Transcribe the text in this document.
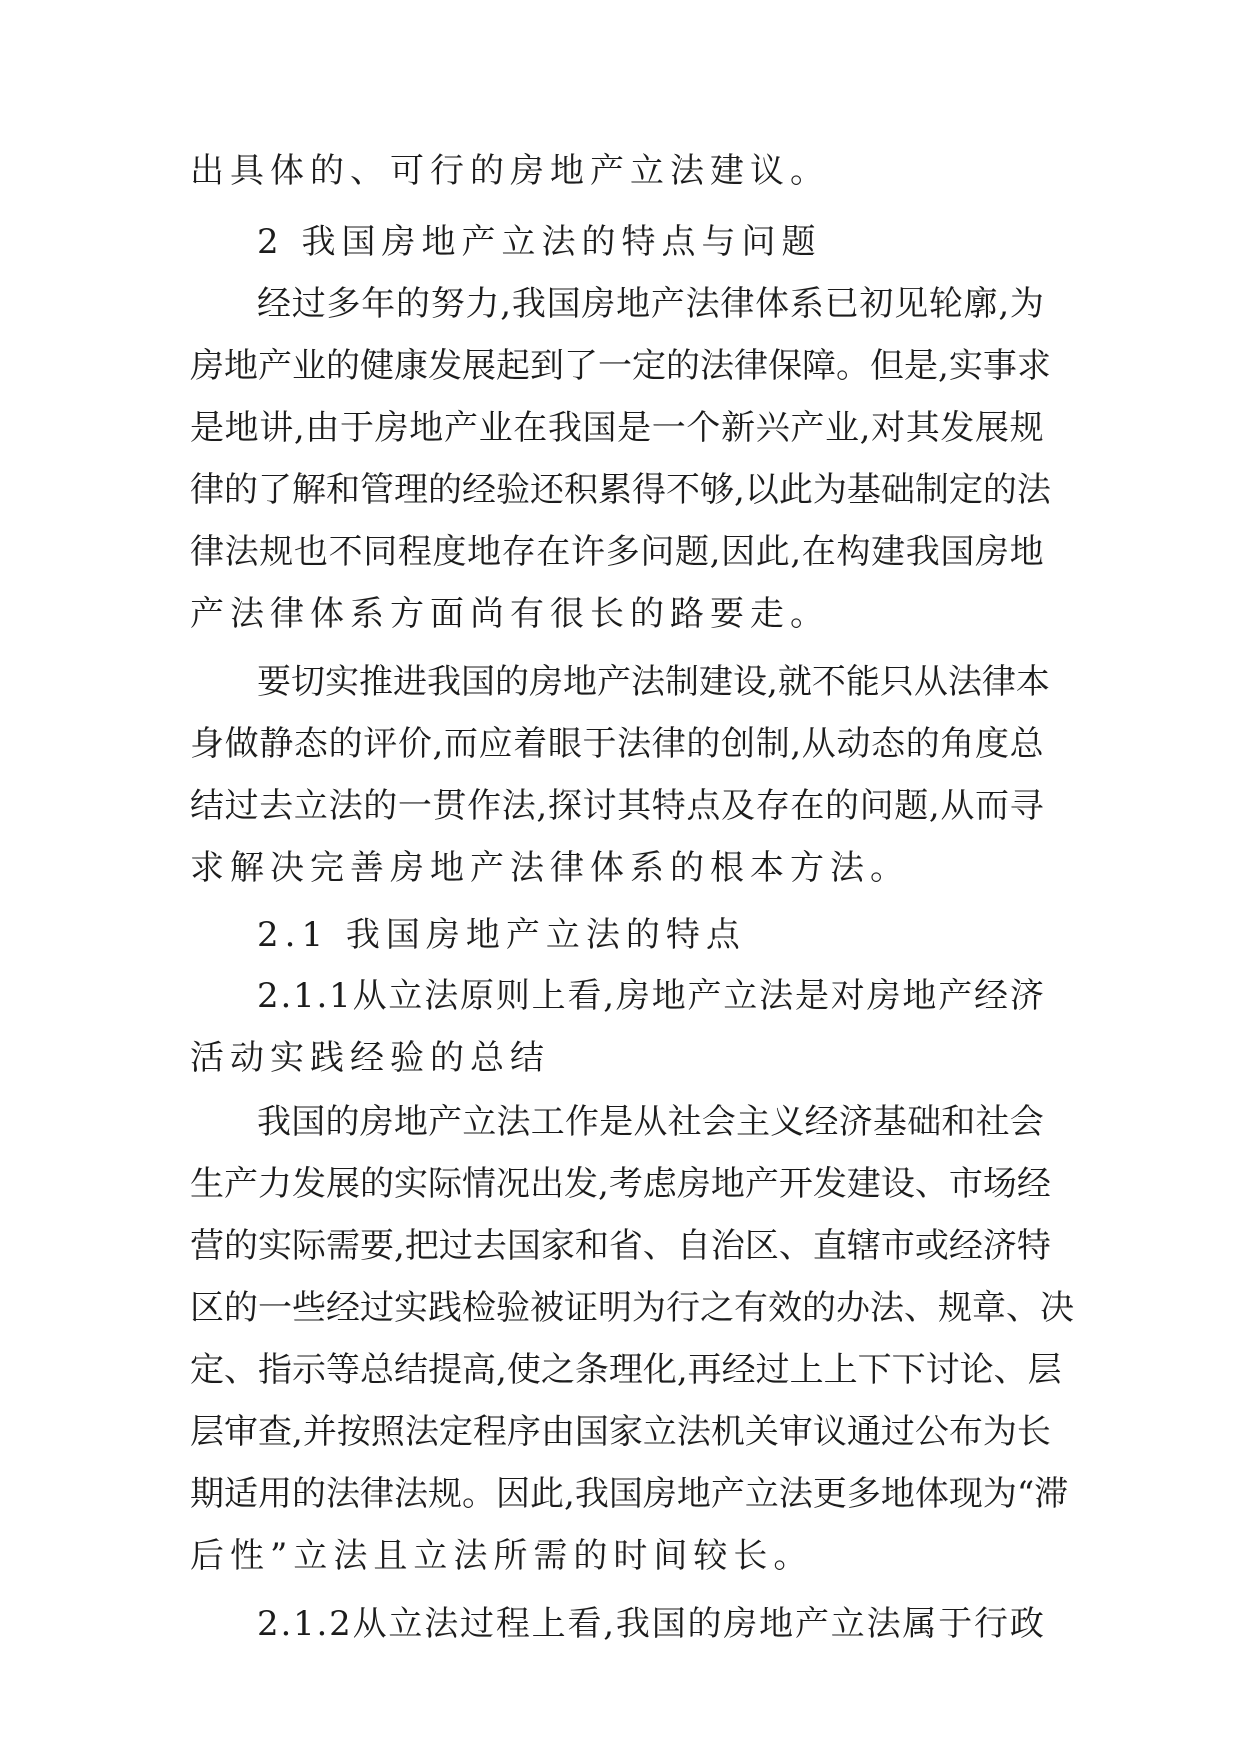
出具体的、可行的房地产立法建议。
2 我国房地产立法的特点与问题
经 过 多 年 的 努 力 , 我 国 房 地 产 法 律 体 系 已 初 见 轮 廓 , 为
房 地 产 业 的 健 康 发 展 起 到 了 一 定 的 法 律 保 障 。 但 是 , 实 事 求
是 地 讲 , 由 于 房 地 产 业 在 我 国 是 一 个 新 兴 产 业 , 对 其 发 展 规
律 的 了 解 和 管 理 的 经 验 还 积 累 得 不 够 , 以 此 为 基 础 制 定 的 法
律 法 规 也 不 同 程 度 地 存 在 许 多 问 题 , 因 此 , 在 构 建 我 国 房 地
产法律体系方面尚有很长的路要走。
要 切 实 推 进 我 国 的 房 地 产 法 制 建 设 , 就 不 能 只 从 法 律 本
身 做 静 态 的 评 价 , 而 应 着 眼 于 法 律 的 创 制 , 从 动 态 的 角 度 总
结 过 去 立 法 的 一 贯 作 法 , 探 讨 其 特 点 及 存 在 的 问 题 , 从 而 寻
求解决完善房地产法律体系的根本方法。
2.1 我国房地产立法的特点
2 . 1 . 1 从 立 法 原 则 上 看 , 房 地 产 立 法 是 对 房 地 产 经 济
活动实践经验的总结
我 国 的 房 地 产 立 法 工 作 是 从 社 会 主 义 经 济 基 础 和 社 会
生 产 力 发 展 的 实 际 情 况 出 发 , 考 虑 房 地 产 开 发 建 设 、 市 场 经
营 的 实 际 需 要 , 把 过 去 国 家 和 省 、 自 治 区 、 直 辖 市 或 经 济 特
区 的 一 些 经 过 实 践 检 验 被 证 明 为 行 之 有 效 的 办 法 、 规 章 、 决
定 、 指 示 等 总 结 提 高 , 使 之 条 理 化 , 再 经 过 上 上 下 下 讨 论 、 层
层 审 查 , 并 按 照 法 定 程 序 由 国 家 立 法 机 关 审 议 通 过 公 布 为 长
期 适 用 的 法 律 法 规 。 因 此 , 我 国 房 地 产 立 法 更 多 地 体 现 为 “ 滞
后性”立法且立法所需的时间较长。
2 . 1 . 2 从 立 法 过 程 上 看 , 我 国 的 房 地 产 立 法 属 于 行 政
